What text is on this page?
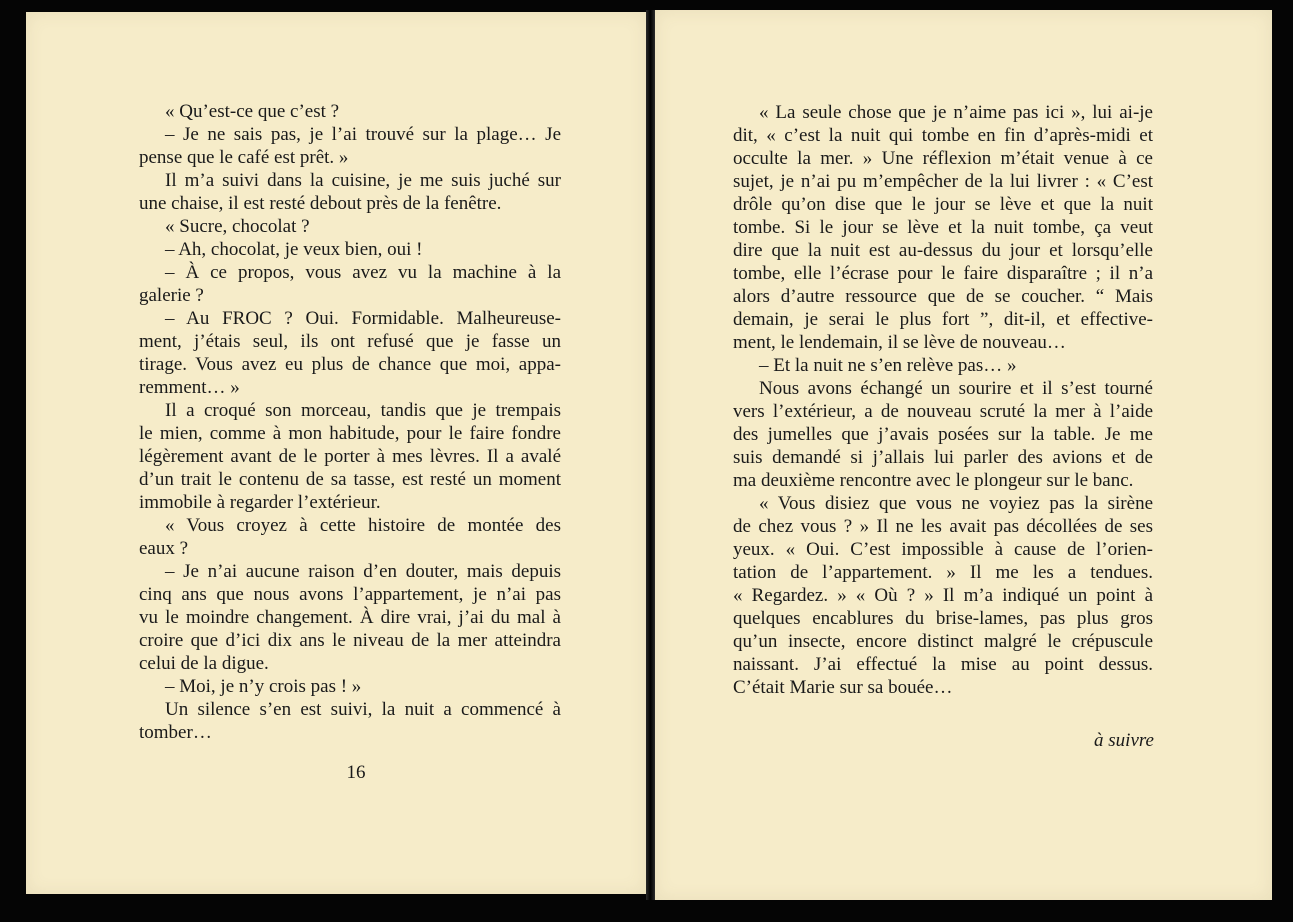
« Qu’est-ce que c’est ?
– Je ne sais pas, je l’ai trouvé sur la plage… Je
pense que le café est prêt. »
Il m’a suivi dans la cuisine, je me suis juché sur
une chaise, il est resté debout près de la fenêtre.
« Sucre, chocolat ?
– Ah, chocolat, je veux bien, oui !
– À ce propos, vous avez vu la machine à la
galerie ?
– Au FROC ? Oui. Formidable. Malheureuse-
ment, j’étais seul, ils ont refusé que je fasse un
tirage. Vous avez eu plus de chance que moi, appa-
remment… »
Il a croqué son morceau, tandis que je trempais
le mien, comme à mon habitude, pour le faire fondre
légèrement avant de le porter à mes lèvres. Il a avalé
d’un trait le contenu de sa tasse, est resté un moment
immobile à regarder l’extérieur.
« Vous croyez à cette histoire de montée des
eaux ?
– Je n’ai aucune raison d’en douter, mais depuis
cinq ans que nous avons l’appartement, je n’ai pas
vu le moindre changement. À dire vrai, j’ai du mal à
croire que d’ici dix ans le niveau de la mer atteindra
celui de la digue.
– Moi, je n’y crois pas ! »
Un silence s’en est suivi, la nuit a commencé à
tomber…
16
« La seule chose que je n’aime pas ici », lui ai-je
dit, « c’est la nuit qui tombe en fin d’après-midi et
occulte la mer. » Une réflexion m’était venue à ce
sujet, je n’ai pu m’empêcher de la lui livrer : « C’est
drôle qu’on dise que le jour se lève et que la nuit
tombe. Si le jour se lève et la nuit tombe, ça veut
dire que la nuit est au-dessus du jour et lorsqu’elle
tombe, elle l’écrase pour le faire disparaître ; il n’a
alors d’autre ressource que de se coucher. “ Mais
demain, je serai le plus fort ”, dit-il, et effective-
ment, le lendemain, il se lève de nouveau…
– Et la nuit ne s’en relève pas… »
Nous avons échangé un sourire et il s’est tourné
vers l’extérieur, a de nouveau scruté la mer à l’aide
des jumelles que j’avais posées sur la table. Je me
suis demandé si j’allais lui parler des avions et de
ma deuxième rencontre avec le plongeur sur le banc.
« Vous disiez que vous ne voyiez pas la sirène
de chez vous ? » Il ne les avait pas décollées de ses
yeux. « Oui. C’est impossible à cause de l’orien-
tation de l’appartement. » Il me les a tendues.
« Regardez. » « Où ? » Il m’a indiqué un point à
quelques encablures du brise-lames, pas plus gros
qu’un insecte, encore distinct malgré le crépuscule
naissant. J’ai effectué la mise au point dessus.
C’était Marie sur sa bouée…
à suivre
